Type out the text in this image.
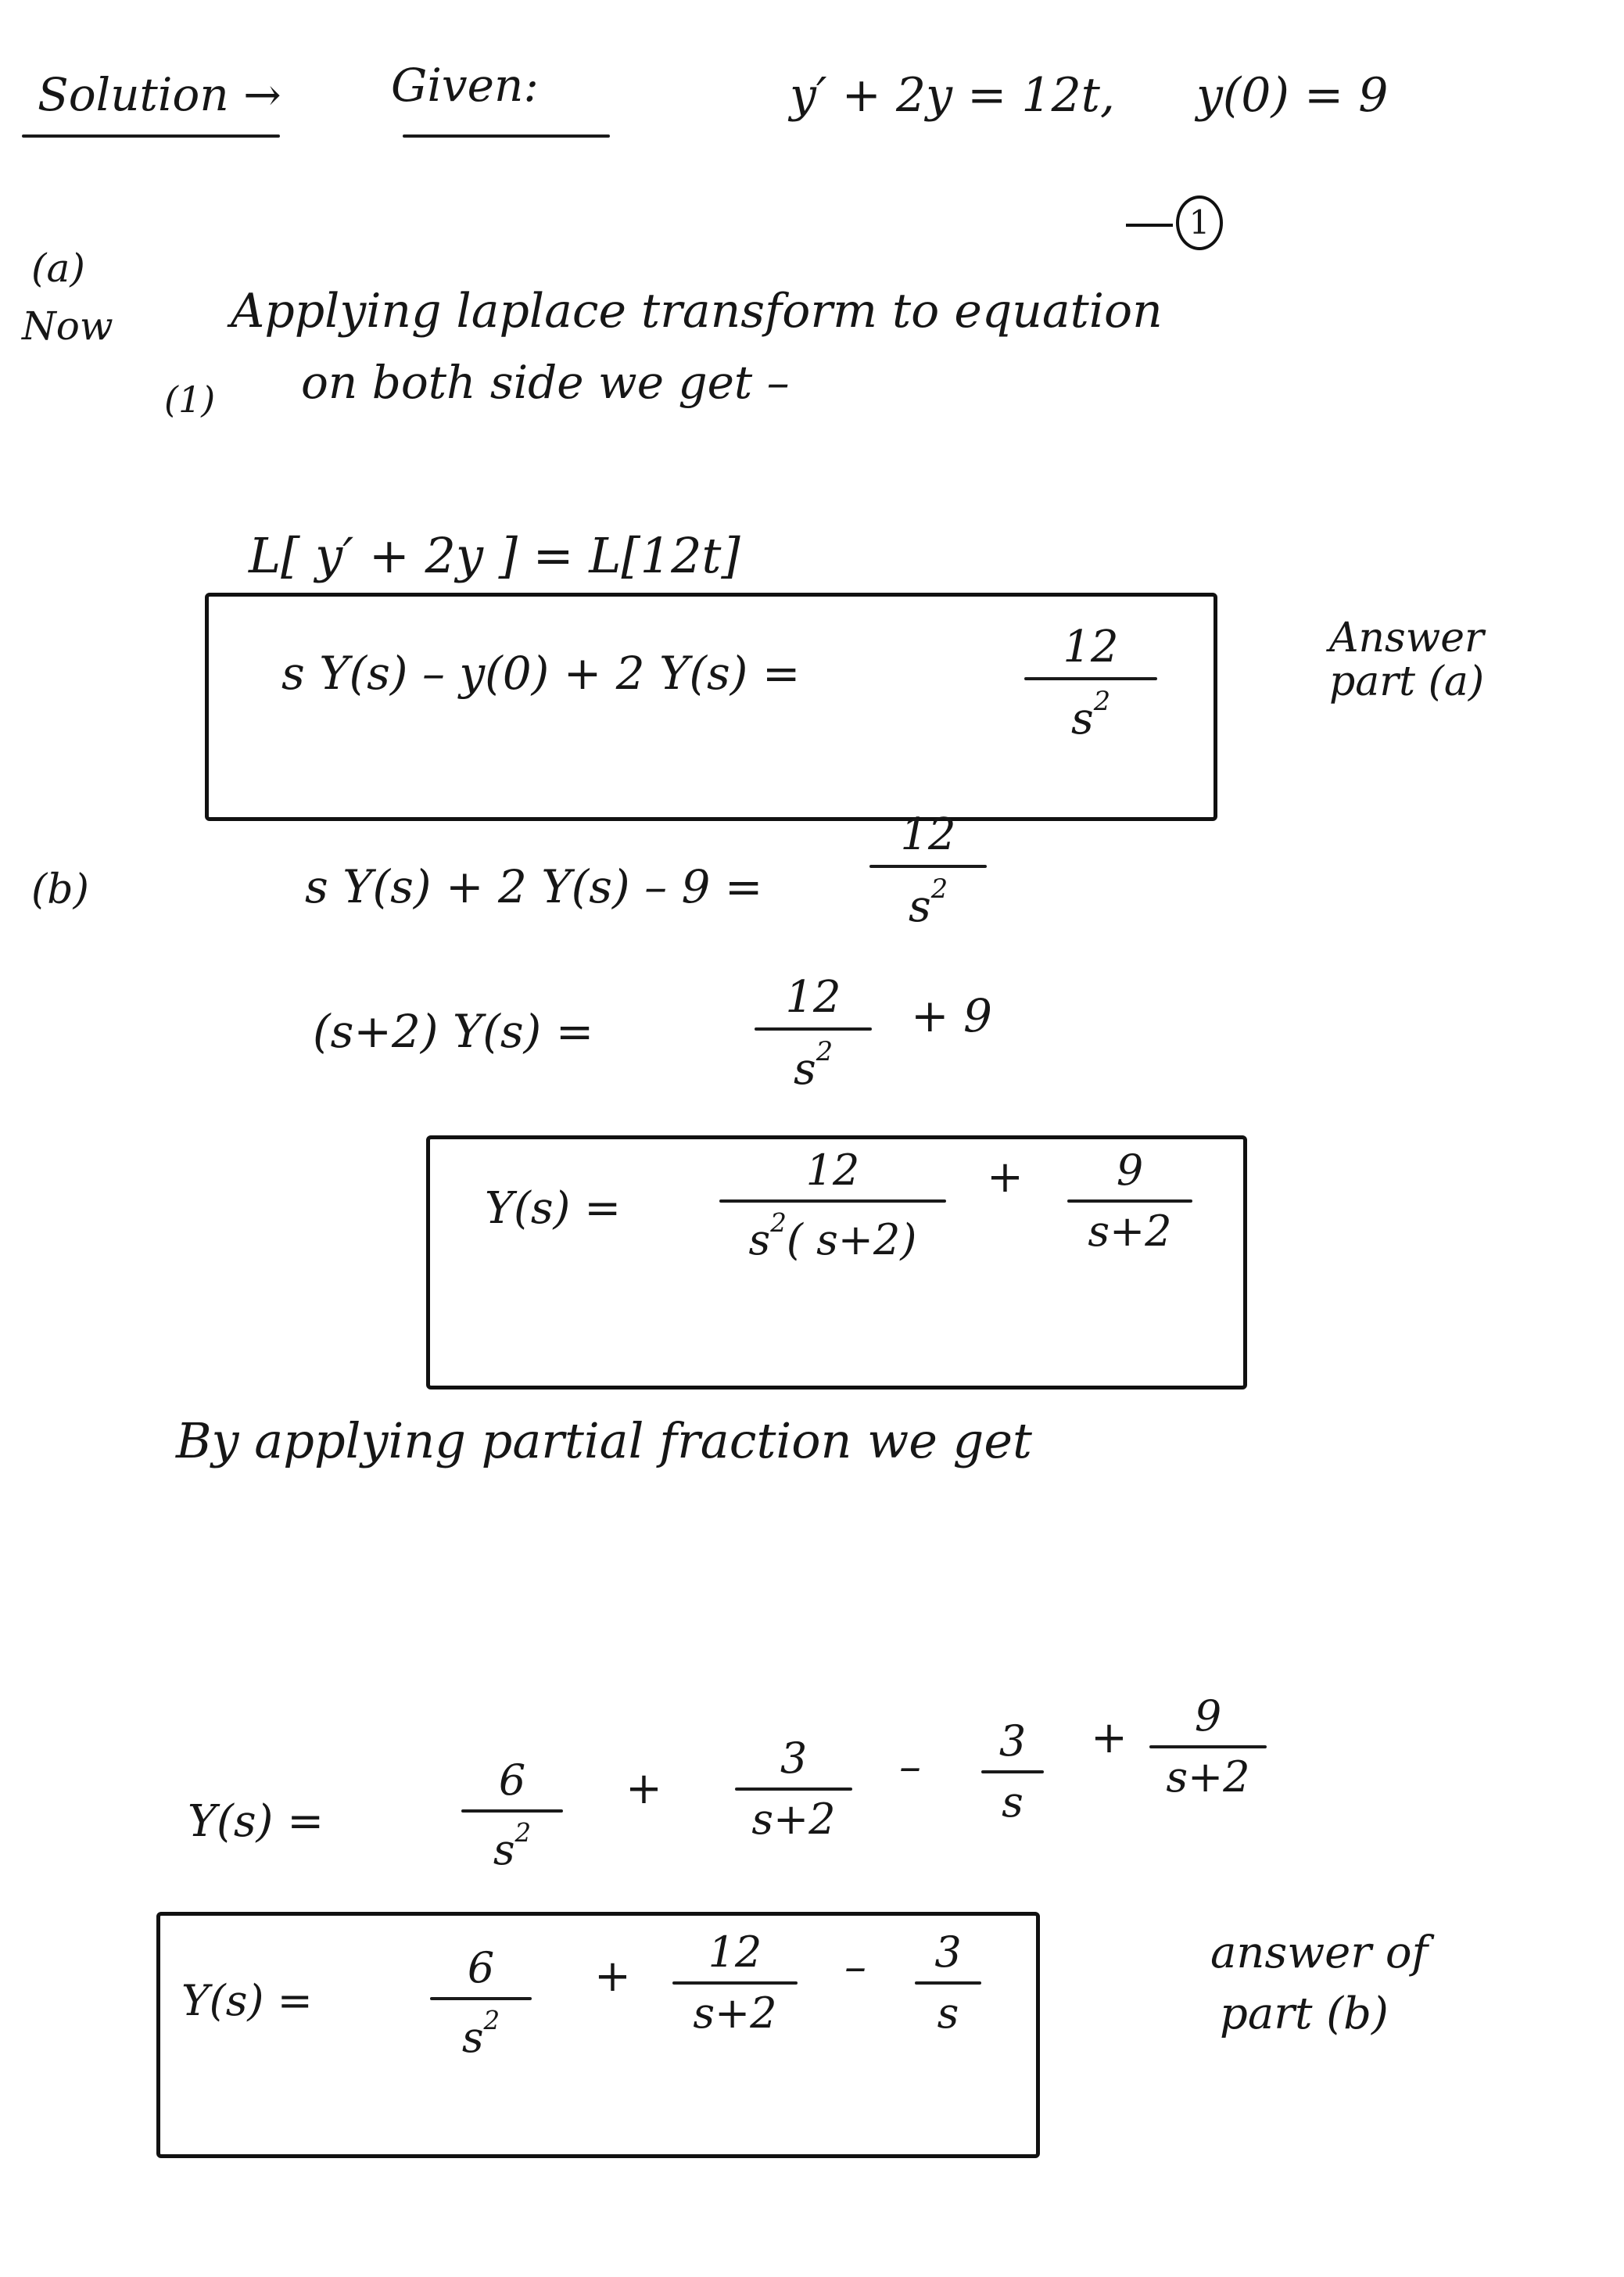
Solution → Given:	y′ + 2y = 12t, y(0) = 9
1
(a)
Now	Applying laplace transform to equation
(1) on both side we get –
L[ y′ + 2y ] = L[12t]
s Y(s) – y(0) + 2 Y(s) =	12
$s^2$
Answer
part (a)
(b)	s Y(s) + 2 Y(s) – 9 =
12
$s^2$
(s+2) Y(s) =
12
$s^2$
+ 9
Y(s) =
12
$s^2$( s+2)
+ 9
s+2
By applying partial fraction we get
Y(s) =
6
$s^2$
+
3
s+2
–
3
s
+ 9
s+2
Y(s) =
6
$s^2$
+ 12
s+2
– 3
s
answer of
part (b)
